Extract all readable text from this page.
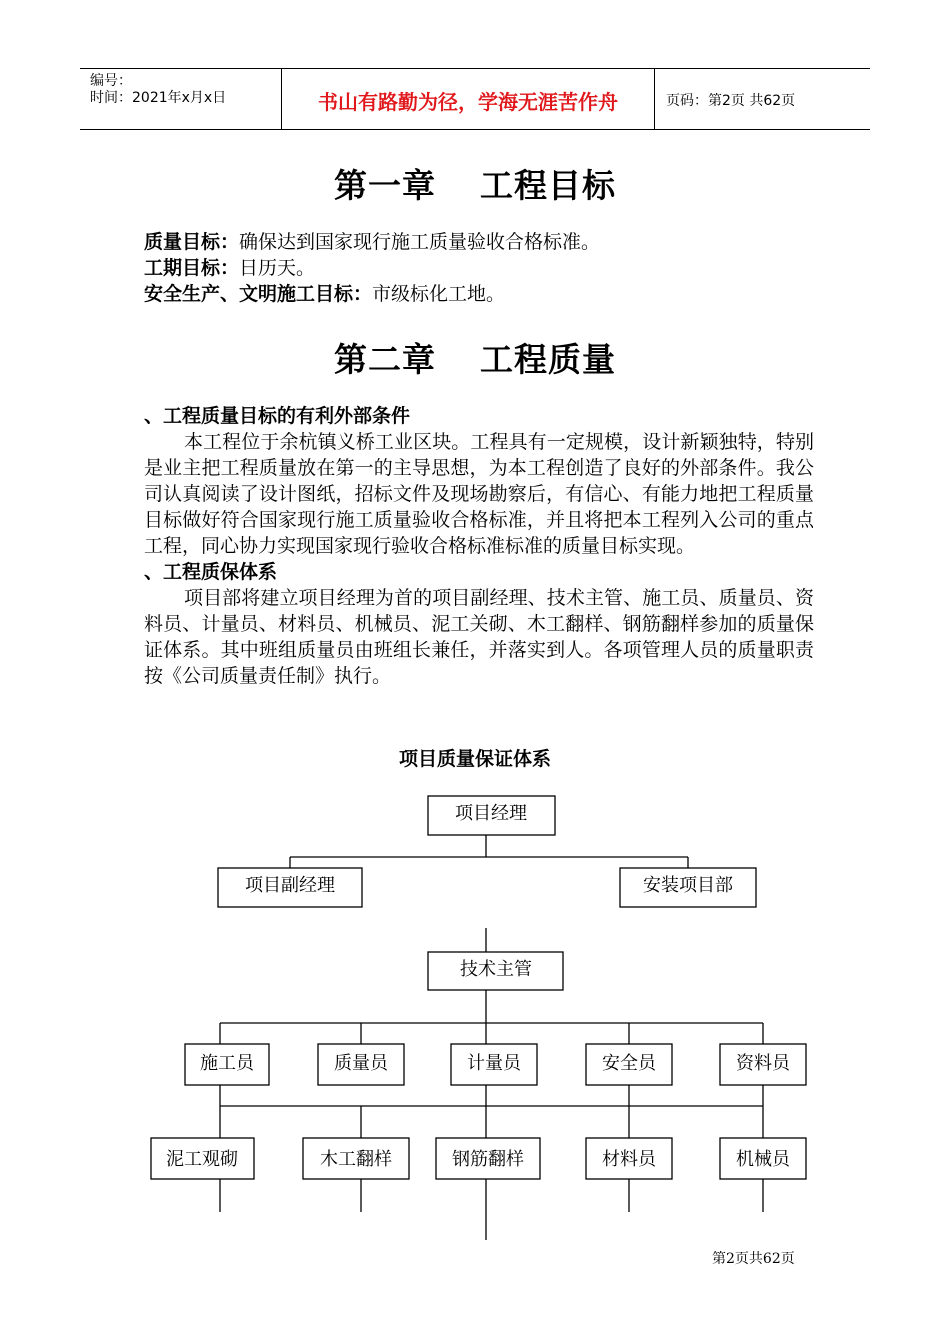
编号：
时间：2021年x月x日	书山有路勤为径，学海无涯苦作舟	页码：第2页 共62页
第一章 工程目标
质量目标：确保达到国家现行施工质量验收合格标准。
工期目标：日历天。
安全生产、文明施工目标：市级标化工地。
第二章 工程质量
、工程质量目标的有利外部条件
本工程位于余杭镇义桥工业区块。工程具有一定规模，设计新颖独特，特别是业主把工程质量放在第一的主导思想，为本工程创造了良好的外部条件。我公司认真阅读了设计图纸，招标文件及现场勘察后，有信心、有能力地把工程质量目标做好符合国家现行施工质量验收合格标准，并且将把本工程列入公司的重点工程，同心协力实现国家现行验收合格标准标准的质量目标实现。
、工程质保体系
项目部将建立项目经理为首的项目副经理、技术主管、施工员、质量员、资料员、计量员、材料员、机械员、泥工关砌、木工翻样、钢筋翻样参加的质量保证体系。其中班组质量员由班组长兼任，并落实到人。各项管理人员的质量职责按《公司质量责任制》执行。
项目质量保证体系
项目经理
项目副经理	安装项目部
技术主管
施工员	质量员	计量员	安全员	资料员
泥工观砌	木工翻样	钢筋翻样	材料员	机械员
第2页共62页
